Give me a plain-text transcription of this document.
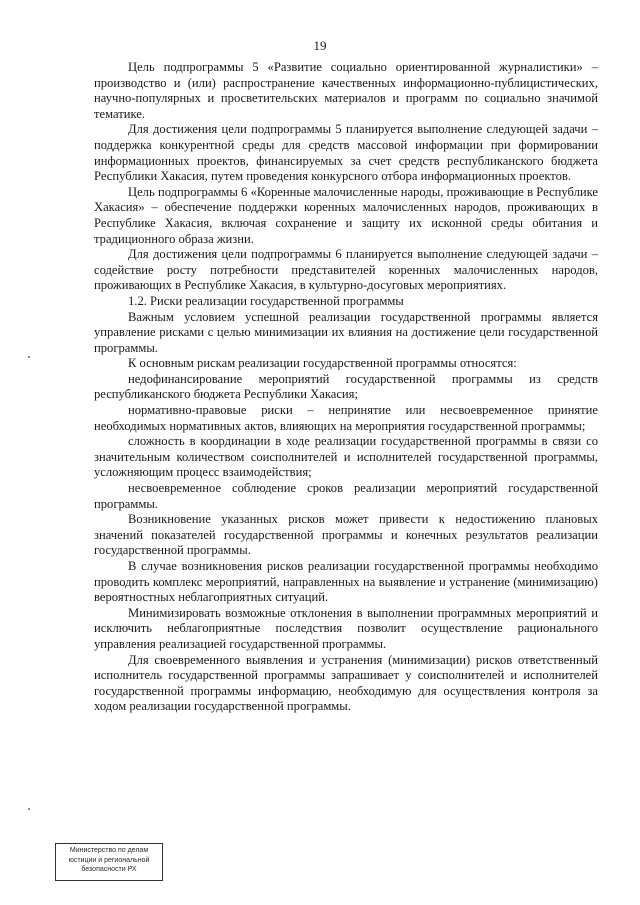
19

Цель подпрограммы 5 «Развитие социально ориентированной журналистики» – производство и (или) распространение качественных информационно-публицистических, научно-популярных и просветительских материалов и программ по социально значимой тематике.

Для достижения цели подпрограммы 5 планируется выполнение следующей задачи – поддержка конкурентной среды для средств массовой информации при формировании информационных проектов, финансируемых за счет средств республиканского бюджета Республики Хакасия, путем проведения конкурсного отбора информационных проектов.

Цель подпрограммы 6 «Коренные малочисленные народы, проживающие в Республике Хакасия» – обеспечение поддержки коренных малочисленных народов, проживающих в Республике Хакасия, включая сохранение и защиту их исконной среды обитания и традиционного образа жизни.

Для достижения цели подпрограммы 6 планируется выполнение следующей задачи – содействие росту потребности представителей коренных малочисленных народов, проживающих в Республике Хакасия, в культурно-досуговых мероприятиях.

1.2. Риски реализации государственной программы

Важным условием успешной реализации государственной программы является управление рисками с целью минимизации их влияния на достижение цели государственной программы.

К основным рискам реализации государственной программы относятся:

недофинансирование мероприятий государственной программы из средств республиканского бюджета Республики Хакасия;

нормативно-правовые риски – непринятие или несвоевременное принятие необходимых нормативных актов, влияющих на мероприятия государственной программы;

сложность в координации в ходе реализации государственной программы в связи со значительным количеством соисполнителей и исполнителей государственной программы, усложняющим процесс взаимодействия;

несвоевременное соблюдение сроков реализации мероприятий государственной программы.

Возникновение указанных рисков может привести к недостижению плановых значений показателей государственной программы и конечных результатов реализации государственной программы.

В случае возникновения рисков реализации государственной программы необходимо проводить комплекс мероприятий, направленных на выявление и устранение (минимизацию) вероятностных неблагоприятных ситуаций.

Минимизировать возможные отклонения в выполнении программных мероприятий и исключить неблагоприятные последствия позволит осуществление рационального управления реализацией государственной программы.

Для своевременного выявления и устранения (минимизации) рисков ответственный исполнитель государственной программы запрашивает у соисполнителей и исполнителей государственной программы информацию, необходимую для осуществления контроля за ходом реализации государственной программы.

Министерство по делам
юстиции и региональной
безопасности РХ
